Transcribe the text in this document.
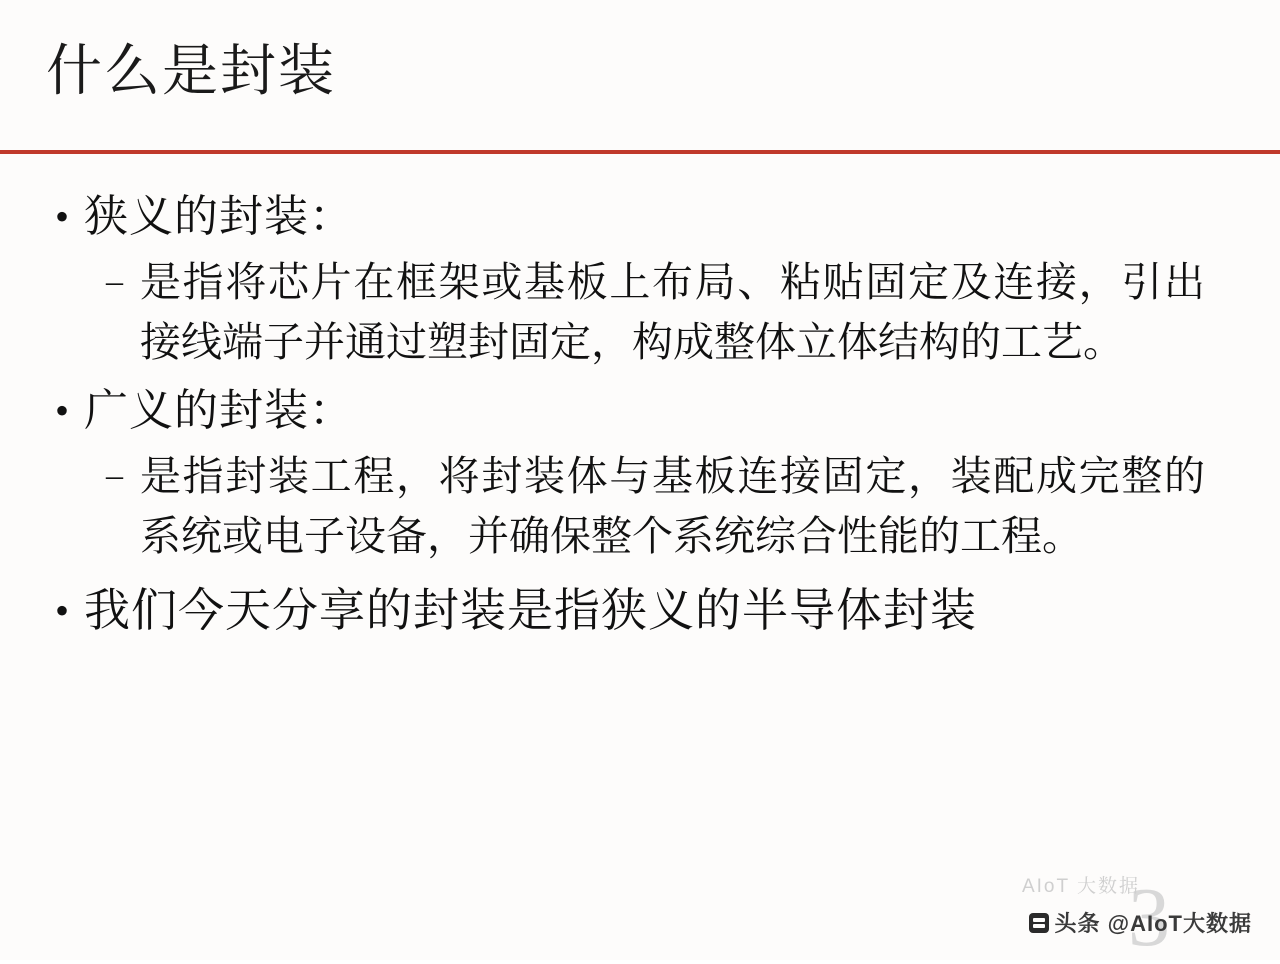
什么是封装
• 狭义的封装：
– 是指将芯片在框架或基板上布局、粘贴固定及连接，引出接线端子并通过塑封固定，构成整体立体结构的工艺。
• 广义的封装：
– 是指封装工程，将封装体与基板连接固定，装配成完整的系统或电子设备，并确保整个系统综合性能的工程。
• 我们今天分享的封装是指狭义的半导体封装
3
AIoT 大数据
头条 @AIoT大数据
